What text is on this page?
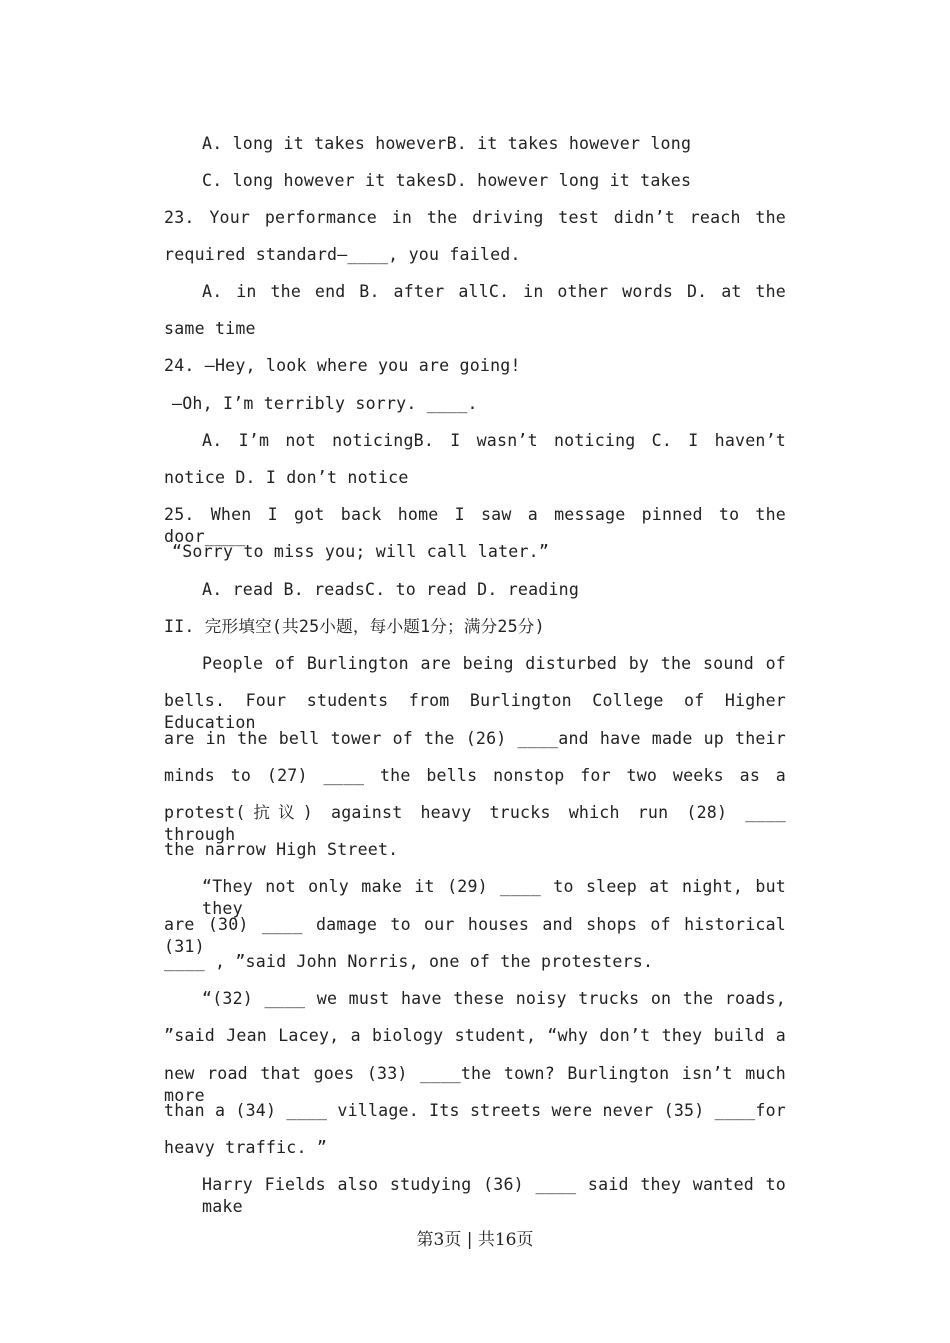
A. long it takes howeverB. it takes however long
C. long however it takesD. however long it takes
23. Your performance in the driving test didn’t reach the
required standard—____, you failed.
A. in the end B. after allC. in other words D. at the
same time
24. —Hey, look where you are going!
—Oh, I’m terribly sorry. ____.
A. I’m not noticingB. I wasn’t noticing C. I haven’t
notice D. I don’t notice
25. When I got back home I saw a message pinned to the door____
“Sorry to miss you; will call later.”
A. read B. readsC. to read D. reading
II. 完形填空(共25小题，每小题1分；满分25分)
People of Burlington are being disturbed by the sound of
bells. Four students from Burlington College of Higher Education
are in the bell tower of the (26) ____and have made up their
minds to (27) ____ the bells nonstop for two weeks as a
protest(抗议) against heavy trucks which run (28) ____ through
the narrow High Street.
“They not only make it (29) ____ to sleep at night, but they
are (30) ____ damage to our houses and shops of historical (31)
____ , ”said John Norris, one of the protesters.
“(32) ____ we must have these noisy trucks on the roads,
”said Jean Lacey, a biology student, “why don’t they build a
new road that goes (33) ____the town? Burlington isn’t much more
than a (34) ____ village. Its streets were never (35) ____for
heavy traffic. ”
Harry Fields also studying (36) ____ said they wanted to make
第3页 | 共16页
